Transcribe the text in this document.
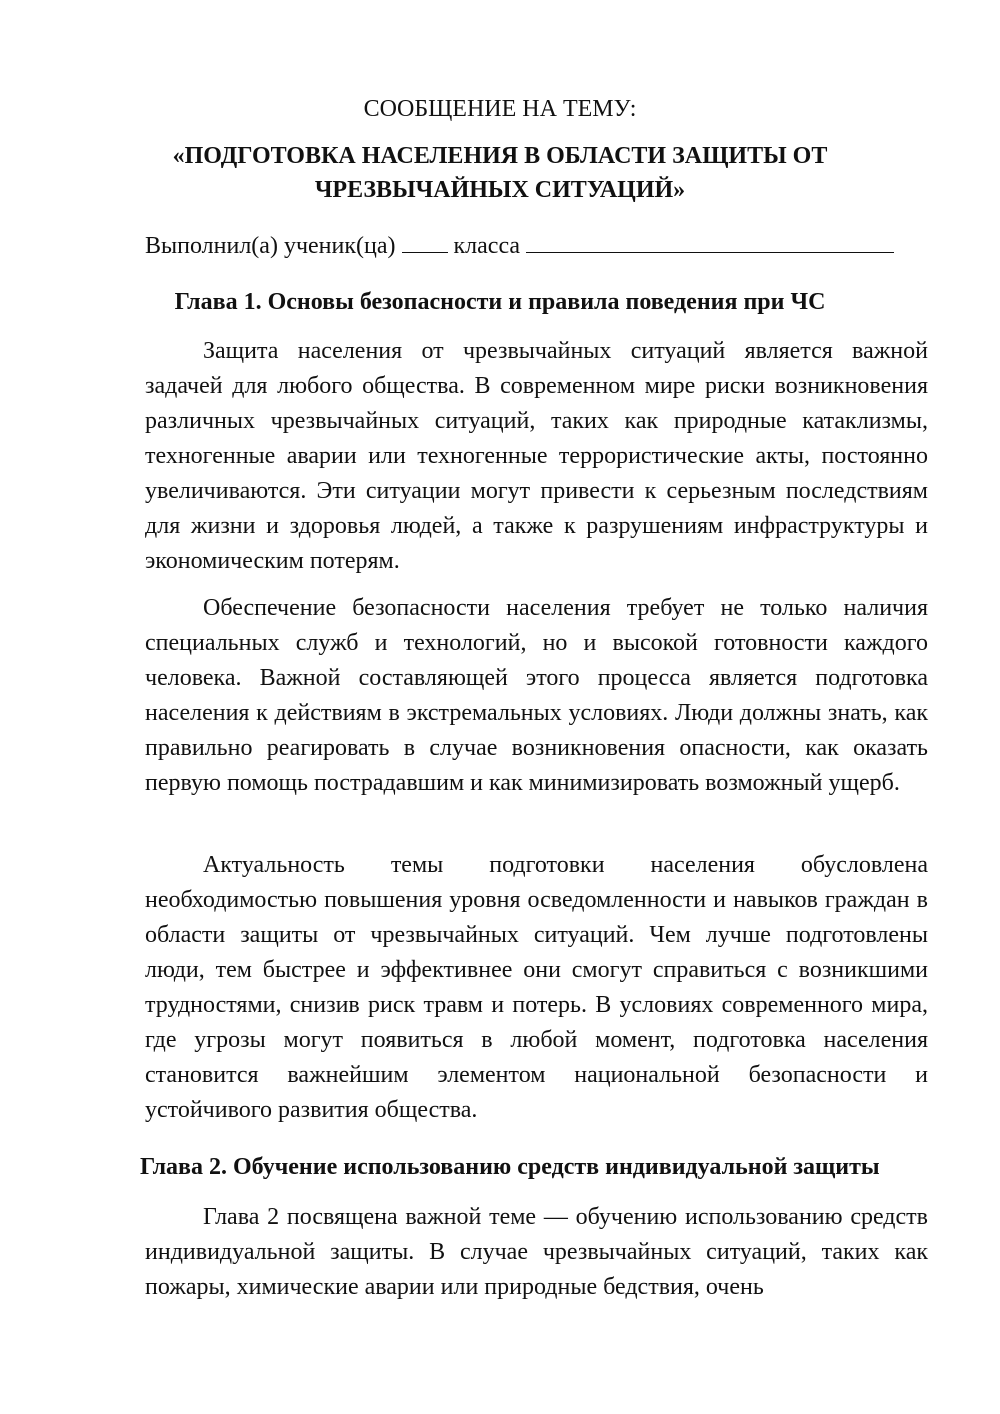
СООБЩЕНИЕ НА ТЕМУ:
«ПОДГОТОВКА НАСЕЛЕНИЯ В ОБЛАСТИ ЗАЩИТЫ ОТ ЧРЕЗВЫЧАЙНЫХ СИТУАЦИЙ»
Выполнил(а) ученик(ца) класса
Глава 1. Основы безопасности и правила поведения при ЧС

Защита населения от чрезвычайных ситуаций является важной задачей для любого общества. В современном мире риски возникновения различных чрезвычайных ситуаций, таких как природные катаклизмы, техногенные аварии или техногенные террористические акты, постоянно увеличиваются. Эти ситуации могут привести к серьезным последствиям для жизни и здоровья людей, а также к разрушениям инфраструктуры и экономическим потерям.

Обеспечение безопасности населения требует не только наличия специальных служб и технологий, но и высокой готовности каждого человека. Важной составляющей этого процесса является подготовка населения к действиям в экстремальных условиях. Люди должны знать, как правильно реагировать в случае возникновения опасности, как оказать первую помощь пострадавшим и как минимизировать возможный ущерб.

Актуальность темы подготовки населения обусловлена необходимостью повышения уровня осведомленности и навыков граждан в области защиты от чрезвычайных ситуаций. Чем лучше подготовлены люди, тем быстрее и эффективнее они смогут справиться с возникшими трудностями, снизив риск травм и потерь. В условиях современного мира, где угрозы могут появиться в любой момент, подготовка населения становится важнейшим элементом национальной безопасности и устойчивого развития общества.

Глава 2. Обучение использованию средств индивидуальной защиты

Глава 2 посвящена важной теме — обучению использованию средств индивидуальной защиты. В случае чрезвычайных ситуаций, таких как пожары, химические аварии или природные бедствия, очень
